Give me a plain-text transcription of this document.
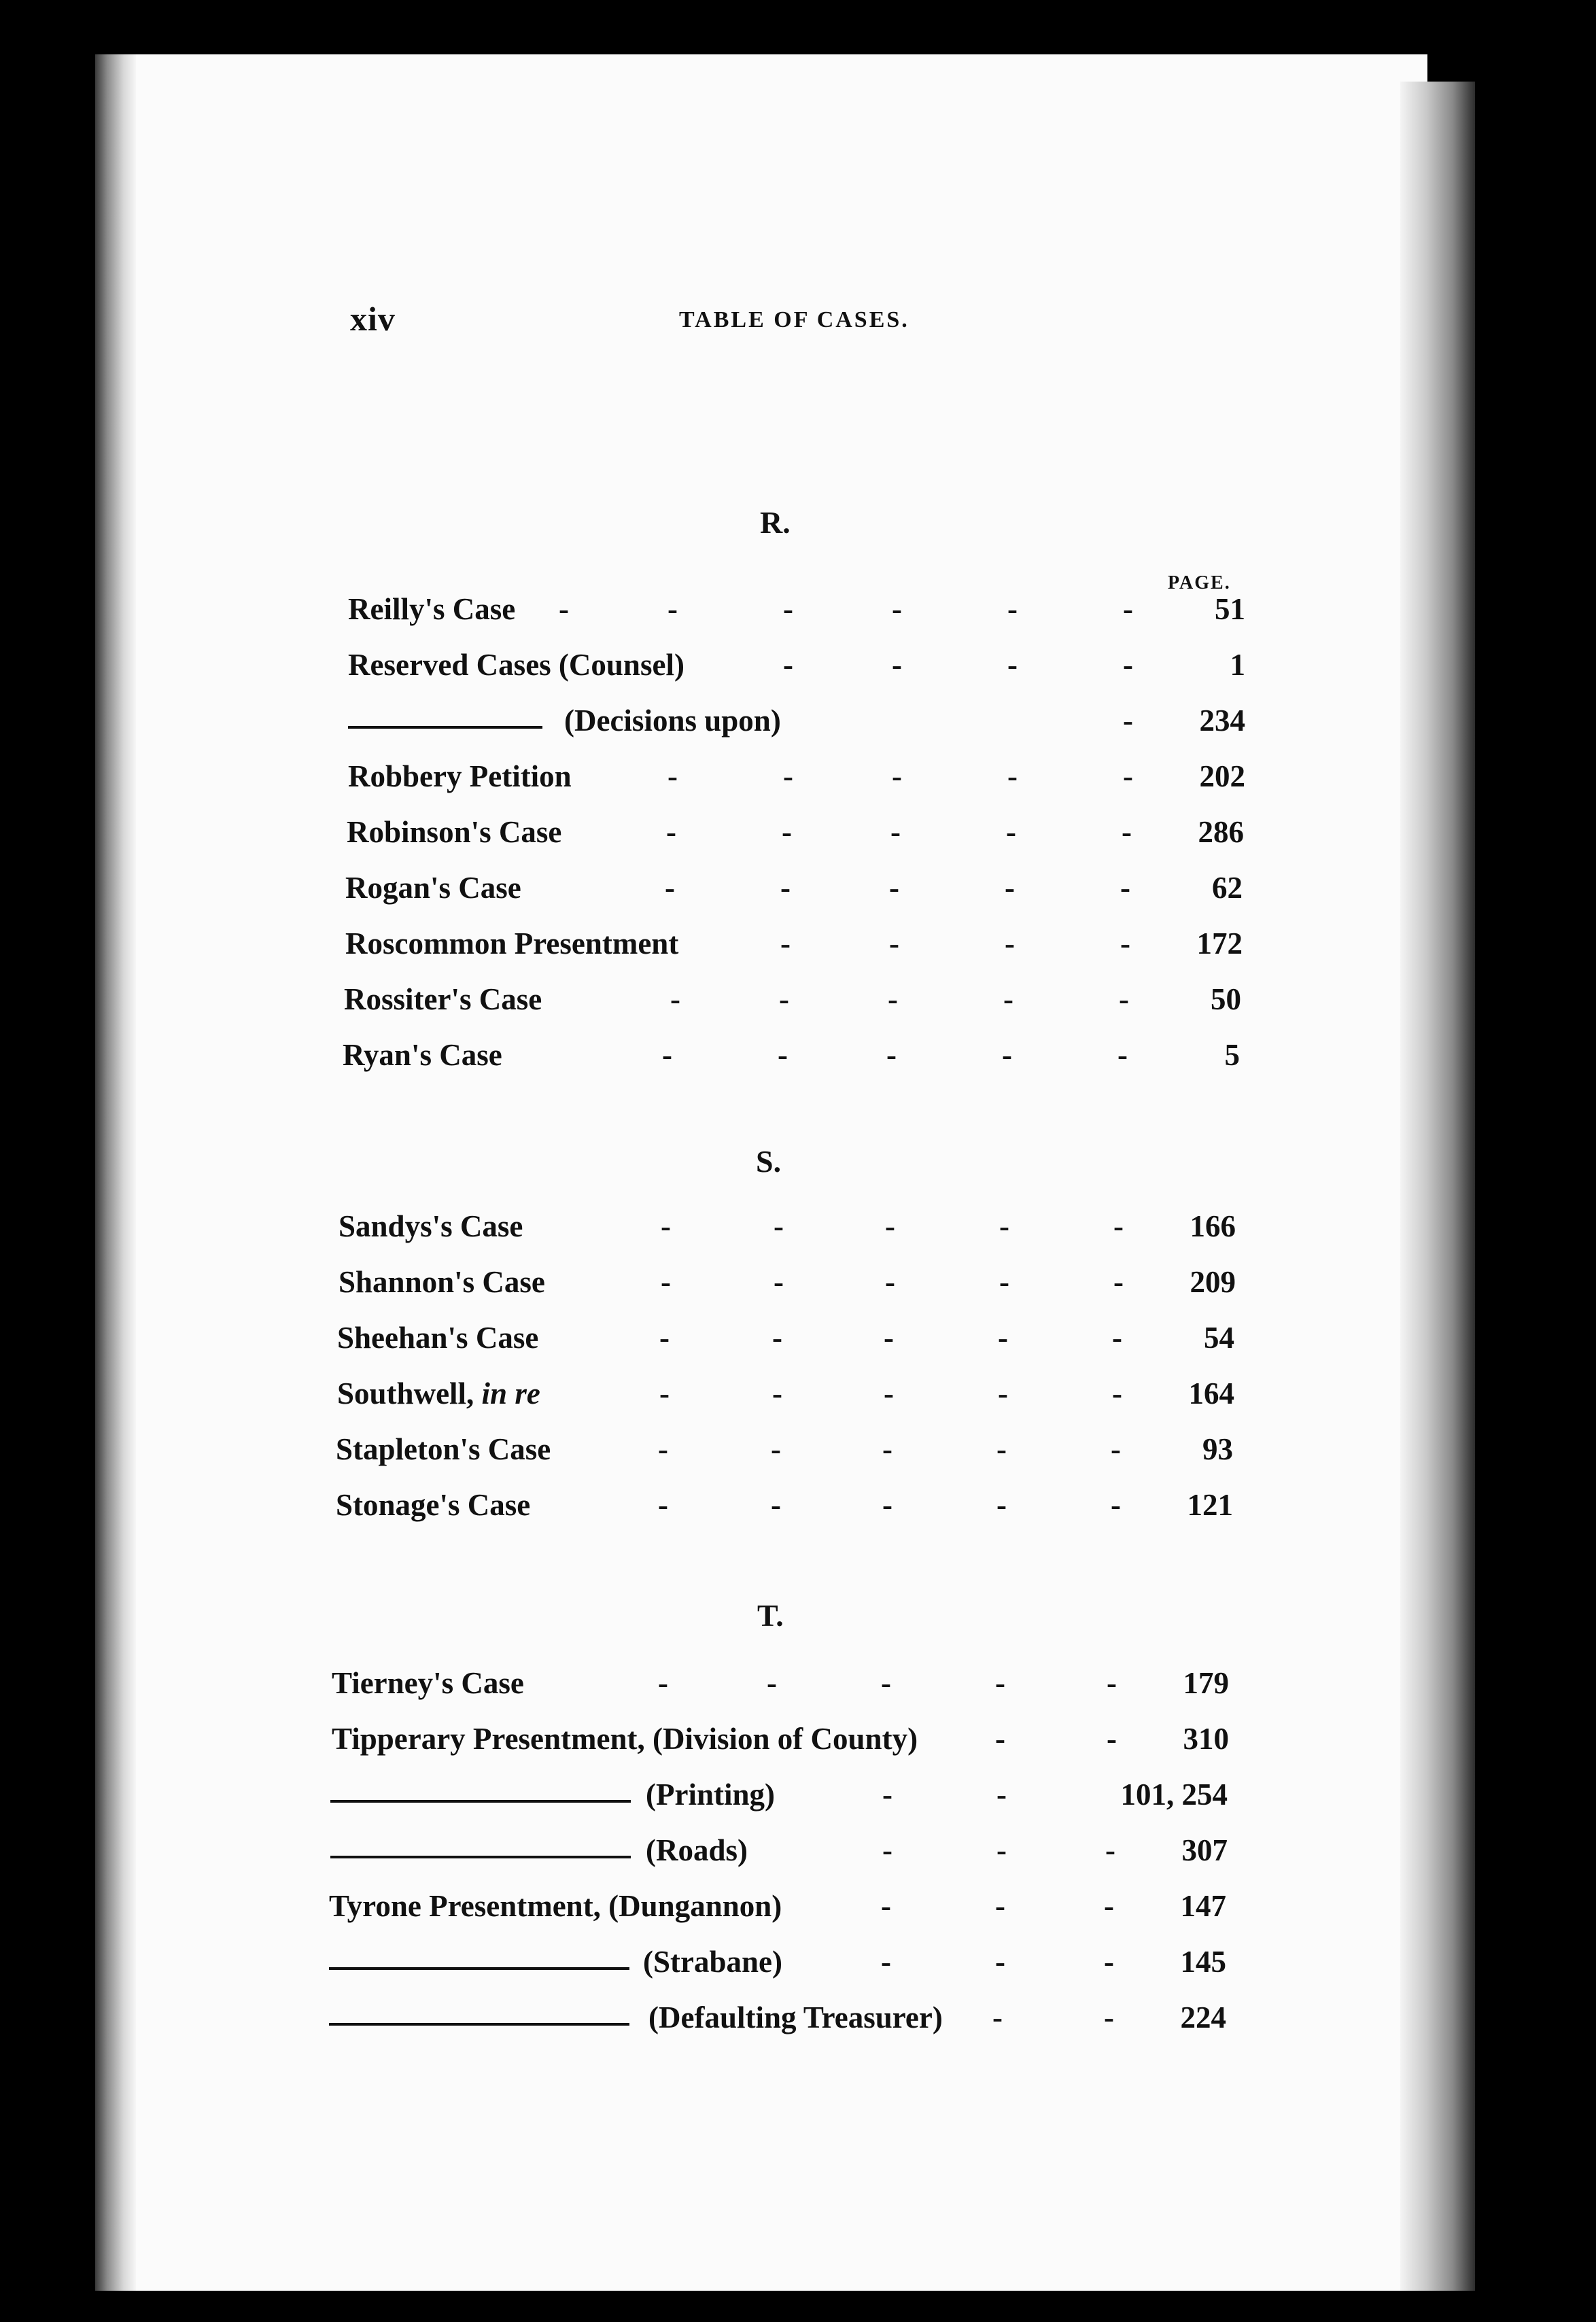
xiv	TABLE OF CASES.
PAGE.
R.
Reilly's Case -	-	-	-	-	-	51
Reserved Cases (Counsel)	-	-	-	-	1
(Decisions upon)	- 234
Robbery Petition	-	-	-	-	- 202
Robinson's Case	-	-	-	-	- 286
Rogan's Case	-	-	-	-	-	62
Roscommon Presentment	-	-	-	- 172
Rossiter's Case	-	-	-	-	-	50
Ryan's Case	-	-	-	-	-	5
S.
Sandys's Case	-	-	-	-	- 166
Shannon's Case	-	-	-	-	- 209
Sheehan's Case	-	-	-	-	-	54
Southwell, in re	-	-	-	-	- 164
Stapleton's Case	-	-	-	-	-	93
Stonage's Case	-	-	-	-	- 121
T.
Tierney's Case	-	-	-	-	- 179
Tipperary Presentment, (Division of County)	-	- 310
(Printing)	-	-	101, 254
(Roads)	-	-	- 307
Tyrone Presentment, (Dungannon)	-	-	- 147
(Strabane)	-	-	- 145
(Defaulting Treasurer) -	- 224
